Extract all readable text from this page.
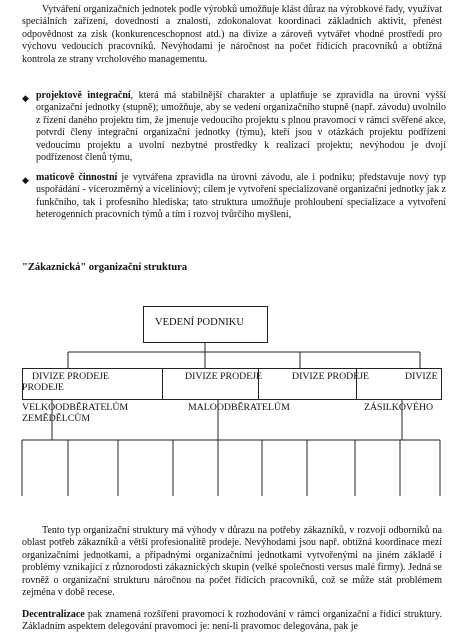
Vytváření organizačních jednotek podle výrobků umožňuje klást důraz na výrobkové řady, využívat speciálních zařízení, dovedností a znalostí, zdokonalovat koordinaci základních aktivit, přenést odpovědnost za zisk (konkurenceschopnost atd.) na divize a zároveň vytvářet vhodné prostředí pro výchovu vedoucích pracovníků. Nevýhodami je náročnost na počet řídících pracovníků a obtížná kontrola ze strany vrcholového managementu.
◆ projektově integrační, která má stabilnější charakter a uplatňuje se zpravidla na úrovni vyšší organizační jednotky (stupně); umožňuje, aby se vedení organizačního stupně (např. závodu) uvolnilo z řízení daného projektu tím, že jmenuje vedoucího projektu s plnou pravomocí v rámci svěřené akce, potvrdí členy integrační organizační jednotky (týmu), kteří jsou v otázkách projektu podřízeni vedoucímu projektu a uvolní nezbytné prostředky k realizaci projektu; nevýhodou je dvojí podřízenost členů týmu,
◆ maticově činnostní je vytvářena zpravidla na úrovni závodu, ale i podniku; představuje nový typ uspořádání - vícerozměrný a víceliniový; cílem je vytvoření specializované organizační jednotky jak z funkčního, tak i profesního hlediska; tato struktura umožňuje prohloubení specializace a vytvoření heterogenních pracovních týmů a tím i rozvoj tvůrčího myšlení,
"Zákaznická" organizační struktura
VEDENÍ PODNIKU
DIVIZE PRODEJE	DIVIZE PRODEJE	DIVIZE PRODEJE	DIVIZE
PRODEJE
VELKOODBĚRATELŮM	MALOODBĚRATELŮM	ZÁSILKOVÉHO
ZEMĚDĚLCŮM
Tento typ organizační struktury má výhody v důrazu na potřeby zákazníků, v rozvoji odborníků na oblast potřeb zákazníků a větší profesionalitě prodeje. Nevýhodami jsou např. obtížná koordinace mezi organizačními jednotkami, a případnými organizačními jednotkami vytvořenými na jiném základě i problémy vznikající z různorodosti zákaznických skupin (velké společnosti versus malé firmy). Jedná se rovněž o organizační strukturu náročnou na počet řídících pracovníků, což se může stát problémem zejména v době recese.
Decentralizace pak znamená rozšíření pravomocí k rozhodování v rámci organizační a řídící struktury. Základním aspektem delegování pravomoci je: není-li pravomoc delegována, pak je
